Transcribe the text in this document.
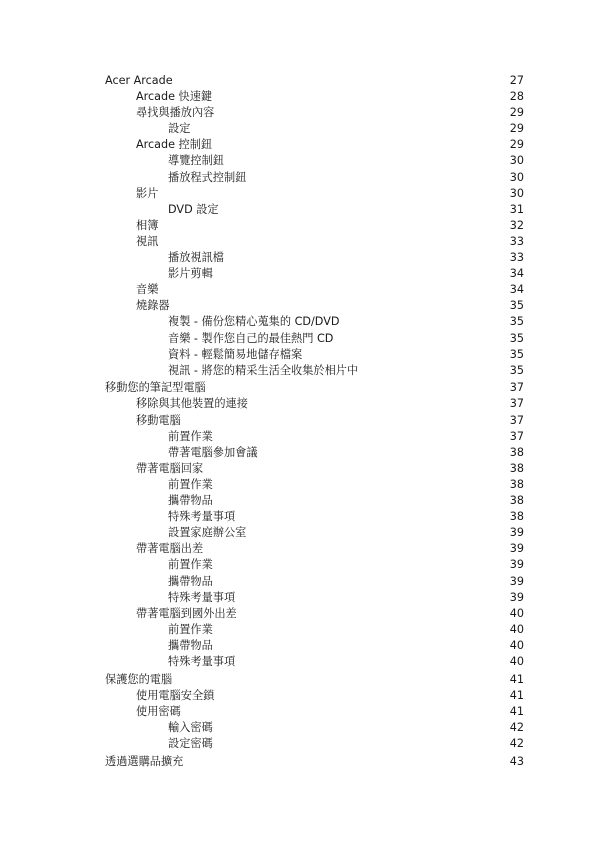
Acer Arcade	27
Arcade 快速鍵	28
尋找與播放內容	29
設定	29
Arcade 控制鈕	29
導覽控制鈕	30
播放程式控制鈕	30
影片	30
DVD 設定	31
相簿	32
視訊	33
播放視訊檔	33
影片剪輯	34
音樂	34
燒錄器	35
複製 - 備份您精心蒐集的 CD/DVD	35
音樂 - 製作您自己的最佳熱門 CD	35
資料 - 輕鬆簡易地儲存檔案	35
視訊 - 將您的精采生活全收集於相片中	35
移動您的筆記型電腦	37
移除與其他裝置的連接	37
移動電腦	37
前置作業	37
帶著電腦參加會議	38
帶著電腦回家	38
前置作業	38
攜帶物品	38
特殊考量事項	38
設置家庭辦公室	39
帶著電腦出差	39
前置作業	39
攜帶物品	39
特殊考量事項	39
帶著電腦到國外出差	40
前置作業	40
攜帶物品	40
特殊考量事項	40
保護您的電腦	41
使用電腦安全鎖	41
使用密碼	41
輸入密碼	42
設定密碼	42
透過選購品擴充	43
